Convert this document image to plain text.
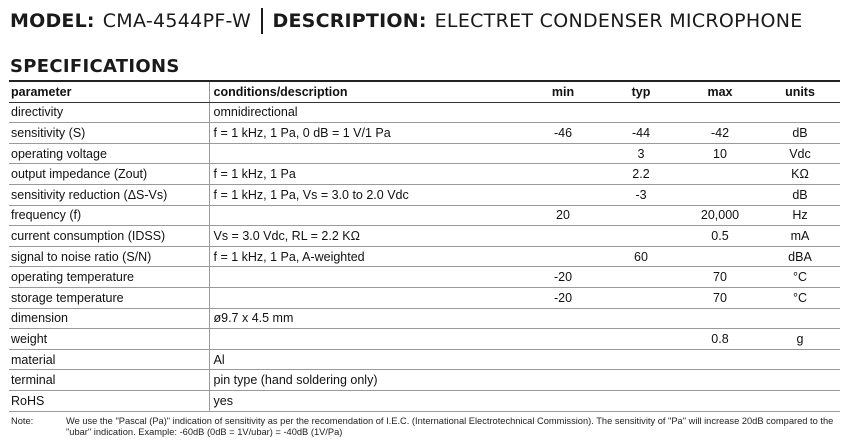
MODEL: CMA-4544PF-W DESCRIPTION: ELECTRET CONDENSER MICROPHONE
SPECIFICATIONS
parameter	conditions/description	min	typ	max	units
directivity	omnidirectional				
sensitivity (S)	f = 1 kHz, 1 Pa, 0 dB = 1 V/1 Pa	-46	-44	-42	dB
operating voltage			3	10	Vdc
output impedance (Zout)	f = 1 kHz, 1 Pa		2.2		KΩ
sensitivity reduction (ΔS-Vs)	f = 1 kHz, 1 Pa, Vs = 3.0 to 2.0 Vdc		-3		dB
frequency (f)		20		20,000	Hz
current consumption (IDSS)	Vs = 3.0 Vdc, RL = 2.2 KΩ			0.5	mA
signal to noise ratio (S/N)	f = 1 kHz, 1 Pa, A-weighted		60		dBA
operating temperature		-20		70	°C
storage temperature		-20		70	°C
dimension	ø9.7 x 4.5 mm				
weight				0.8	g
material	Al				
terminal	pin type (hand soldering only)				
RoHS	yes				
Note:	We use the "Pascal (Pa)" indication of sensitivity as per the recomendation of I.E.C. (International Electrotechnical Commission). The sensitivity of "Pa" will increase 20dB compared to the "ubar" indication. Example: -60dB (0dB = 1V/ubar) = -40dB (1V/Pa)
